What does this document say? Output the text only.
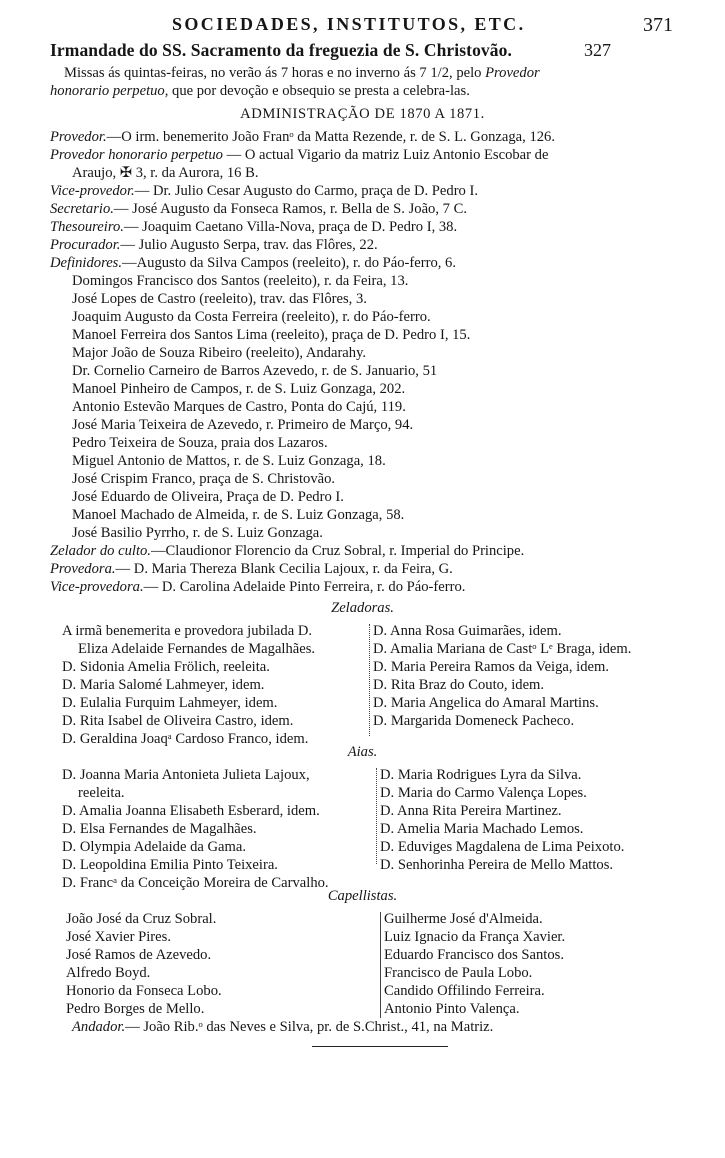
SOCIEDADES, INSTITUTOS, ETC.	371
Irmandade do SS. Sacramento da freguezia de S. Christovão.	327
Missas ás quintas-feiras, no verão ás 7 horas e no inverno ás 7 1/2, pelo Provedor
honorario perpetuo, que por devoção e obsequio se presta a celebra-las.
ADMINISTRAÇÃO DE 1870 A 1871.
Provedor.—O irm. benemerito João Franᵒ da Matta Rezende, r. de S. L. Gonzaga, 126.
Provedor honorario perpetuo — O actual Vigario da matriz Luiz Antonio Escobar de
Araujo, ✠ 3, r. da Aurora, 16 B.
Vice-provedor.— Dr. Julio Cesar Augusto do Carmo, praça de D. Pedro I.
Secretario.— José Augusto da Fonseca Ramos, r. Bella de S. João, 7 C.
Thesoureiro.— Joaquim Caetano Villa-Nova, praça de D. Pedro I, 38.
Procurador.— Julio Augusto Serpa, trav. das Flôres, 22.
Definidores.—Augusto da Silva Campos (reeleito), r. do Páo-ferro, 6.
Domingos Francisco dos Santos (reeleito), r. da Feira, 13.
José Lopes de Castro (reeleito), trav. das Flôres, 3.
Joaquim Augusto da Costa Ferreira (reeleito), r. do Páo-ferro.
Manoel Ferreira dos Santos Lima (reeleito), praça de D. Pedro I, 15.
Major João de Souza Ribeiro (reeleito), Andarahy.
Dr. Cornelio Carneiro de Barros Azevedo, r. de S. Januario, 51
Manoel Pinheiro de Campos, r. de S. Luiz Gonzaga, 202.
Antonio Estevão Marques de Castro, Ponta do Cajú, 119.
José Maria Teixeira de Azevedo, r. Primeiro de Março, 94.
Pedro Teixeira de Souza, praia dos Lazaros.
Miguel Antonio de Mattos, r. de S. Luiz Gonzaga, 18.
José Crispim Franco, praça de S. Christovão.
José Eduardo de Oliveira, Praça de D. Pedro I.
Manoel Machado de Almeida, r. de S. Luiz Gonzaga, 58.
José Basilio Pyrrho, r. de S. Luiz Gonzaga.
Zelador do culto.—Claudionor Florencio da Cruz Sobral, r. Imperial do Principe.
Provedora.— D. Maria Thereza Blank Cecilia Lajoux, r. da Feira, G.
Vice-provedora.— D. Carolina Adelaide Pinto Ferreira, r. do Páo-ferro.
Zeladoras.
A irmã benemerita e provedora jubilada D.
Eliza Adelaide Fernandes de Magalhães.
D. Sidonia Amelia Frölich, reeleita.
D. Maria Salomé Lahmeyer, idem.
D. Eulalia Furquim Lahmeyer, idem.
D. Rita Isabel de Oliveira Castro, idem.
D. Geraldina Joaqᵃ Cardoso Franco, idem.
D. Anna Rosa Guimarães, idem.
D. Amalia Mariana de Castᵒ Lᵉ Braga, idem.
D. Maria Pereira Ramos da Veiga, idem.
D. Rita Braz do Couto, idem.
D. Maria Angelica do Amaral Martins.
D. Margarida Domeneck Pacheco.
Aias.
D. Joanna Maria Antonieta Julieta Lajoux,
reeleita.
D. Amalia Joanna Elisabeth Esberard, idem.
D. Elsa Fernandes de Magalhães.
D. Olympia Adelaide da Gama.
D. Leopoldina Emilia Pinto Teixeira.
D. Francᵃ da Conceição Moreira de Carvalho.
D. Maria Rodrigues Lyra da Silva.
D. Maria do Carmo Valença Lopes.
D. Anna Rita Pereira Martinez.
D. Amelia Maria Machado Lemos.
D. Eduviges Magdalena de Lima Peixoto.
D. Senhorinha Pereira de Mello Mattos.
Capellistas.
João José da Cruz Sobral.
José Xavier Pires.
José Ramos de Azevedo.
Alfredo Boyd.
Honorio da Fonseca Lobo.
Pedro Borges de Mello.
Guilherme José d'Almeida.
Luiz Ignacio da França Xavier.
Eduardo Francisco dos Santos.
Francisco de Paula Lobo.
Candido Offilindo Ferreira.
Antonio Pinto Valença.
Andador.— João Rib.ᵒ das Neves e Silva, pr. de S.Christ., 41, na Matriz.
